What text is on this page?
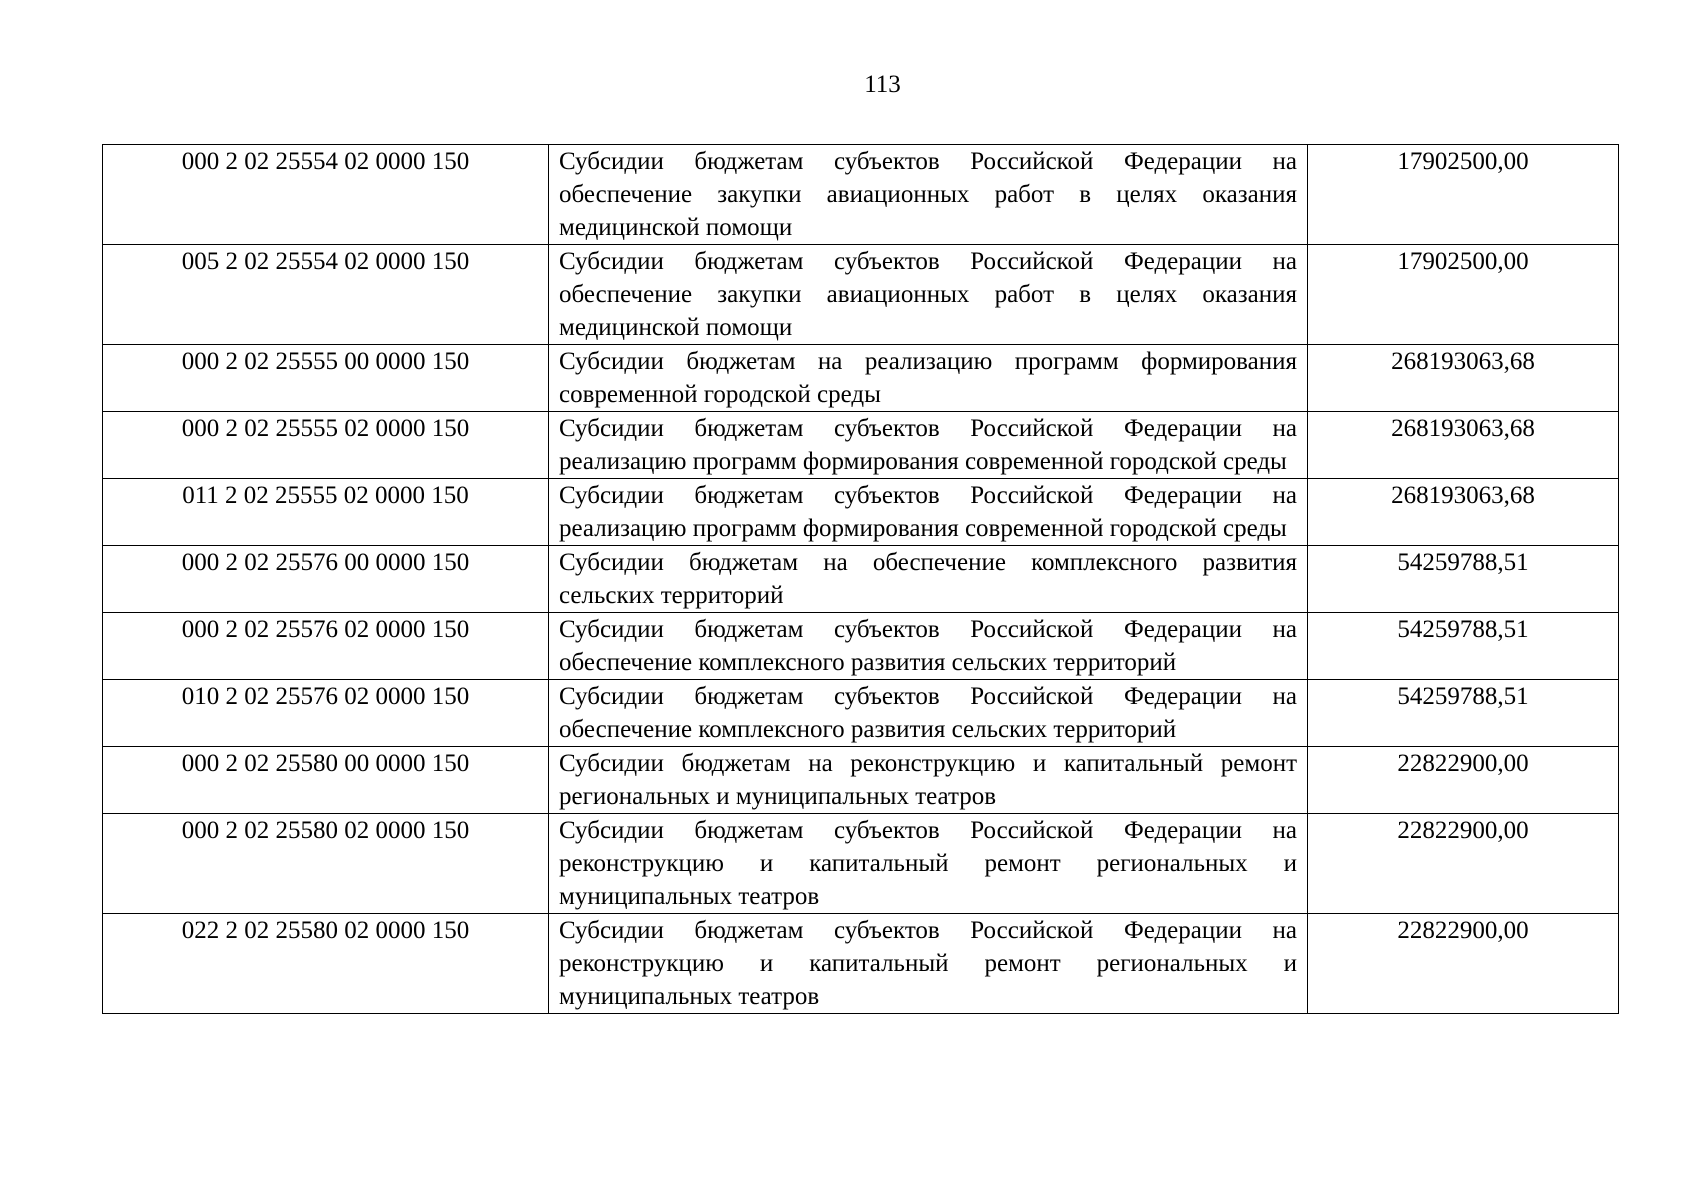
113
000 2 02 25554 02 0000 150	Субсидии бюджетам субъектов Российской Федерации на обеспечение закупки авиационных работ в целях оказания медицинской помощи	17902500,00
005 2 02 25554 02 0000 150	Субсидии бюджетам субъектов Российской Федерации на обеспечение закупки авиационных работ в целях оказания медицинской помощи	17902500,00
000 2 02 25555 00 0000 150	Субсидии бюджетам на реализацию программ формирования современной городской среды	268193063,68
000 2 02 25555 02 0000 150	Субсидии бюджетам субъектов Российской Федерации на реализацию программ формирования современной городской среды	268193063,68
011 2 02 25555 02 0000 150	Субсидии бюджетам субъектов Российской Федерации на реализацию программ формирования современной городской среды	268193063,68
000 2 02 25576 00 0000 150	Субсидии бюджетам на обеспечение комплексного развития сельских территорий	54259788,51
000 2 02 25576 02 0000 150	Субсидии бюджетам субъектов Российской Федерации на обеспечение комплексного развития сельских территорий	54259788,51
010 2 02 25576 02 0000 150	Субсидии бюджетам субъектов Российской Федерации на обеспечение комплексного развития сельских территорий	54259788,51
000 2 02 25580 00 0000 150	Субсидии бюджетам на реконструкцию и капитальный ремонт региональных и муниципальных театров	22822900,00
000 2 02 25580 02 0000 150	Субсидии бюджетам субъектов Российской Федерации на реконструкцию и капитальный ремонт региональных и муниципальных театров	22822900,00
022 2 02 25580 02 0000 150	Субсидии бюджетам субъектов Российской Федерации на реконструкцию и капитальный ремонт региональных и муниципальных театров	22822900,00
